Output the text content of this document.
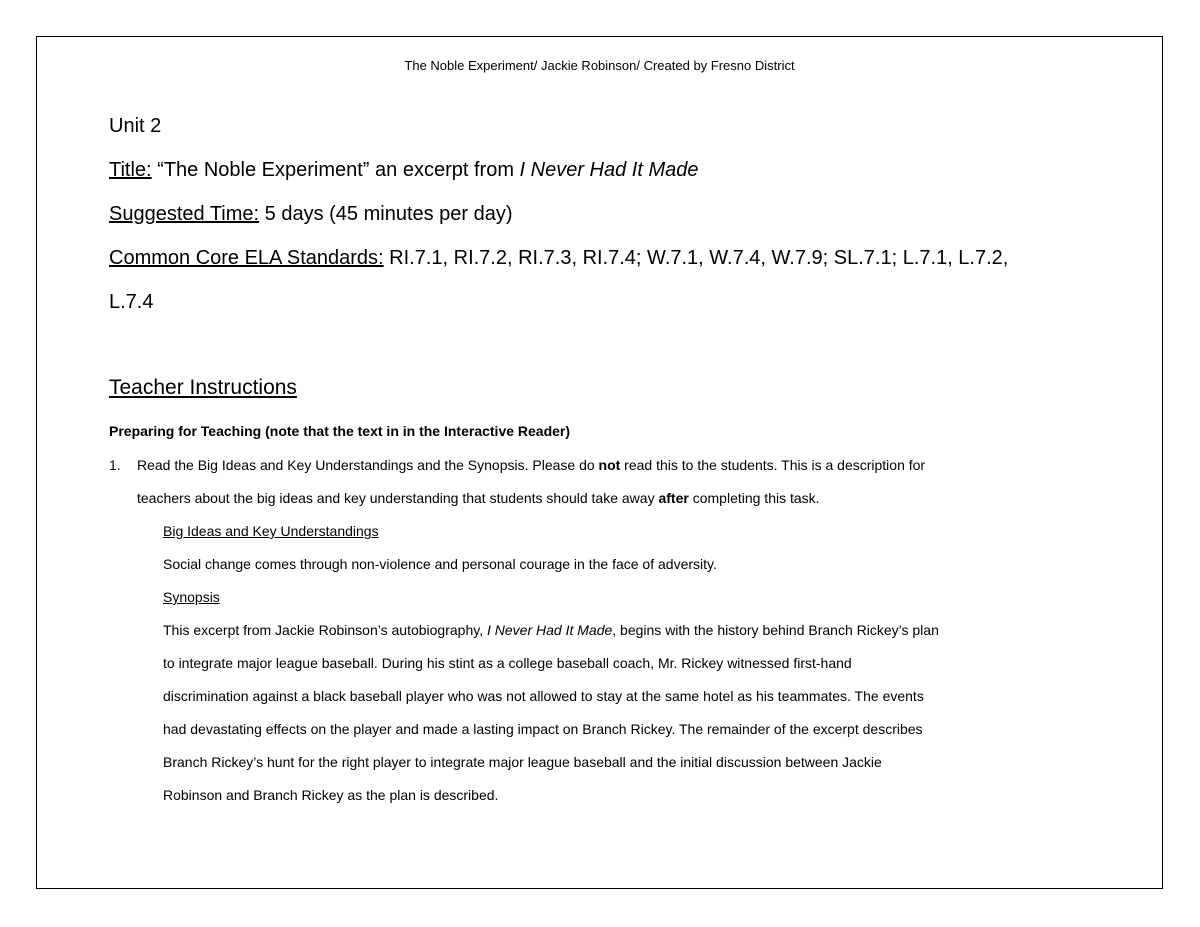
The Noble Experiment/ Jackie Robinson/ Created by Fresno District
Unit 2
Title: “The Noble Experiment” an excerpt from I Never Had It Made
Suggested Time: 5 days (45 minutes per day)
Common Core ELA Standards: RI.7.1, RI.7.2, RI.7.3, RI.7.4; W.7.1, W.7.4, W.7.9; SL.7.1; L.7.1, L.7.2,
L.7.4
Teacher Instructions
Preparing for Teaching (note that the text in in the Interactive Reader)
1. Read the Big Ideas and Key Understandings and the Synopsis. Please do not read this to the students. This is a description for
teachers about the big ideas and key understanding that students should take away after completing this task.
Big Ideas and Key Understandings
Social change comes through non-violence and personal courage in the face of adversity.
Synopsis
This excerpt from Jackie Robinson’s autobiography, I Never Had It Made, begins with the history behind Branch Rickey’s plan
to integrate major league baseball. During his stint as a college baseball coach, Mr. Rickey witnessed first-hand
discrimination against a black baseball player who was not allowed to stay at the same hotel as his teammates. The events
had devastating effects on the player and made a lasting impact on Branch Rickey. The remainder of the excerpt describes
Branch Rickey’s hunt for the right player to integrate major league baseball and the initial discussion between Jackie
Robinson and Branch Rickey as the plan is described.
